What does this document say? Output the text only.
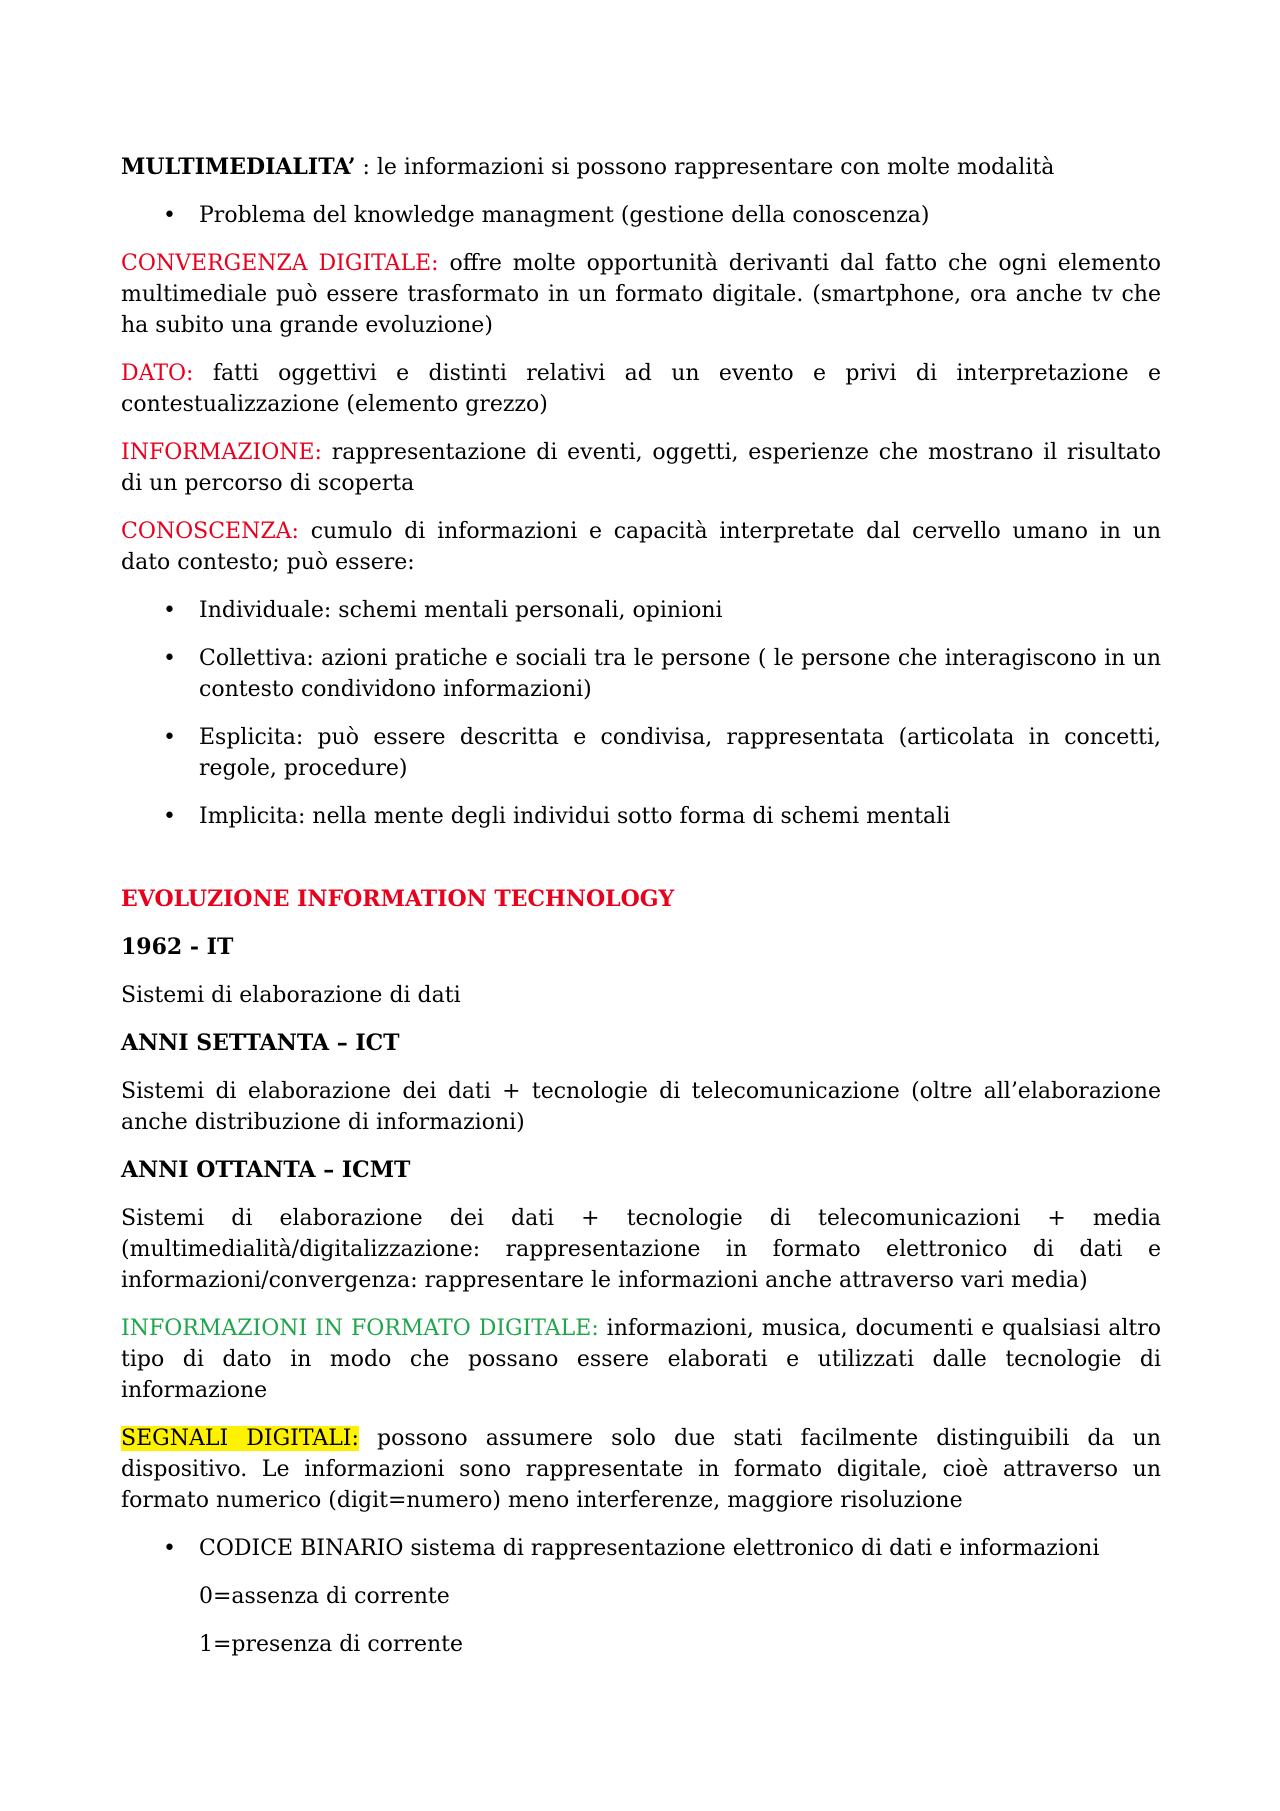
MULTIMEDIALITA’ : le informazioni si possono rappresentare con molte modalità

• Problema del knowledge managment (gestione della conoscenza)

CONVERGENZA DIGITALE: offre molte opportunità derivanti dal fatto che ogni elemento multimediale può essere trasformato in un formato digitale. (smartphone, ora anche tv che ha subito una grande evoluzione)

DATO: fatti oggettivi e distinti relativi ad un evento e privi di interpretazione e contestualizzazione (elemento grezzo)

INFORMAZIONE: rappresentazione di eventi, oggetti, esperienze che mostrano il risultato di un percorso di scoperta

CONOSCENZA: cumulo di informazioni e capacità interpretate dal cervello umano in un dato contesto; può essere:

• Individuale: schemi mentali personali, opinioni
• Collettiva: azioni pratiche e sociali tra le persone ( le persone che interagiscono in un contesto condividono informazioni)
• Esplicita: può essere descritta e condivisa, rappresentata (articolata in concetti, regole, procedure)
• Implicita: nella mente degli individui sotto forma di schemi mentali

EVOLUZIONE INFORMATION TECHNOLOGY

1962 - IT

Sistemi di elaborazione di dati

ANNI SETTANTA – ICT

Sistemi di elaborazione dei dati + tecnologie di telecomunicazione (oltre all’elaborazione anche distribuzione di informazioni)

ANNI OTTANTA – ICMT

Sistemi di elaborazione dei dati + tecnologie di telecomunicazioni + media (multimedialità/digitalizzazione: rappresentazione in formato elettronico di dati e informazioni/convergenza: rappresentare le informazioni anche attraverso vari media)

INFORMAZIONI IN FORMATO DIGITALE: informazioni, musica, documenti e qualsiasi altro tipo di dato in modo che possano essere elaborati e utilizzati dalle tecnologie di informazione

SEGNALI DIGITALI: possono assumere solo due stati facilmente distinguibili da un dispositivo. Le informazioni sono rappresentate in formato digitale, cioè attraverso un formato numerico (digit=numero) meno interferenze, maggiore risoluzione

• CODICE BINARIO sistema di rappresentazione elettronico di dati e informazioni

0=assenza di corrente

1=presenza di corrente
